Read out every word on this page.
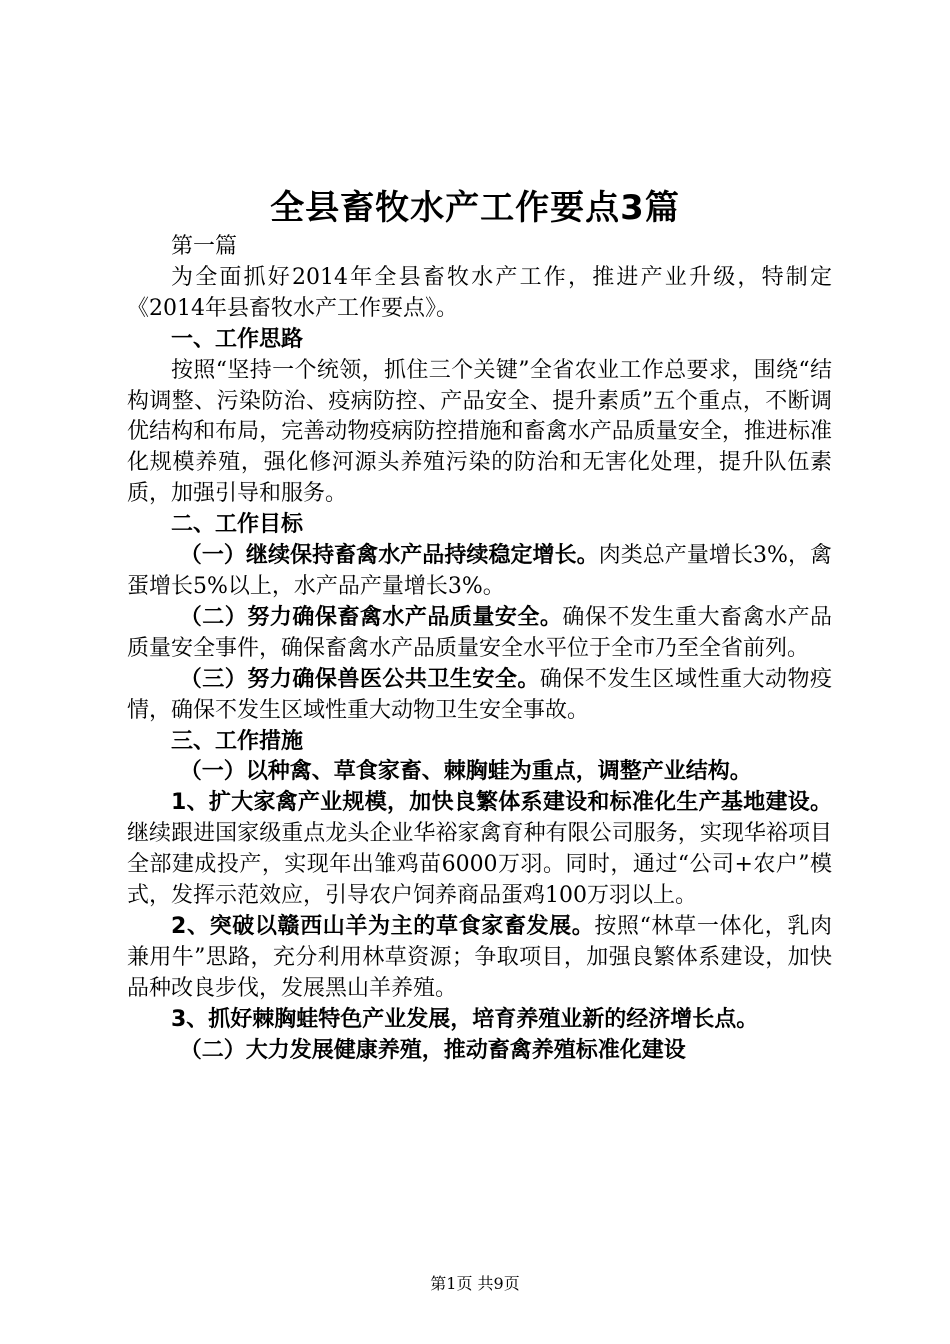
全县畜牧水产工作要点3篇

第一篇

为全面抓好2014年全县畜牧水产工作，推进产业升级，特制定《2014年县畜牧水产工作要点》。

一、工作思路

按照“坚持一个统领，抓住三个关键”全省农业工作总要求，围绕“结构调整、污染防治、疫病防控、产品安全、提升素质”五个重点，不断调优结构和布局，完善动物疫病防控措施和畜禽水产品质量安全，推进标准化规模养殖，强化修河源头养殖污染的防治和无害化处理，提升队伍素质，加强引导和服务。

二、工作目标

（一）继续保持畜禽水产品持续稳定增长。肉类总产量增长3%，禽蛋增长5%以上，水产品产量增长3%。

（二）努力确保畜禽水产品质量安全。确保不发生重大畜禽水产品质量安全事件，确保畜禽水产品质量安全水平位于全市乃至全省前列。

（三）努力确保兽医公共卫生安全。确保不发生区域性重大动物疫情，确保不发生区域性重大动物卫生安全事故。

三、工作措施

（一）以种禽、草食家畜、棘胸蛙为重点，调整产业结构。

1、扩大家禽产业规模，加快良繁体系建设和标准化生产基地建设。继续跟进国家级重点龙头企业华裕家禽育种有限公司服务，实现华裕项目全部建成投产，实现年出雏鸡苗6000万羽。同时，通过“公司+农户”模式，发挥示范效应，引导农户饲养商品蛋鸡100万羽以上。

2、突破以赣西山羊为主的草食家畜发展。按照“林草一体化，乳肉兼用牛”思路，充分利用林草资源；争取项目，加强良繁体系建设，加快品种改良步伐，发展黑山羊养殖。

3、抓好棘胸蛙特色产业发展，培育养殖业新的经济增长点。

（二）大力发展健康养殖，推动畜禽养殖标准化建设

第1页 共9页
